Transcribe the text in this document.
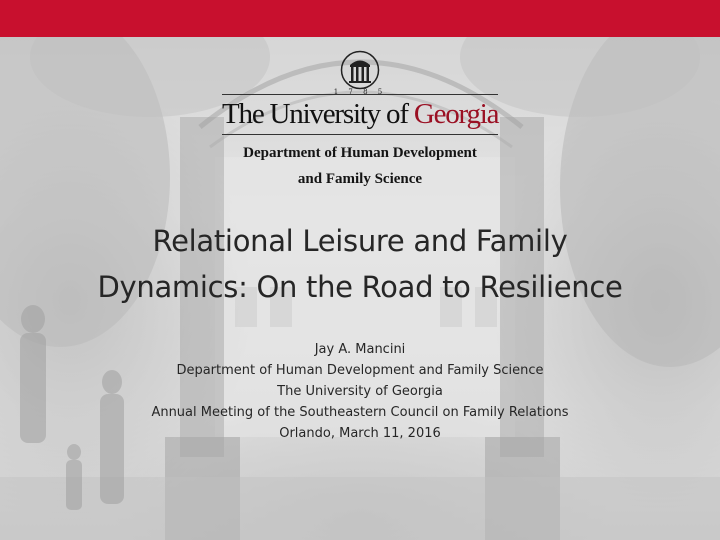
1 7 8 5
The University of Georgia
Department of Human Development
and Family Science
Relational Leisure and Family
Dynamics: On the Road to Resilience
Jay A. Mancini
Department of Human Development and Family Science
The University of Georgia
Annual Meeting of the Southeastern Council on Family Relations
Orlando, March 11, 2016
